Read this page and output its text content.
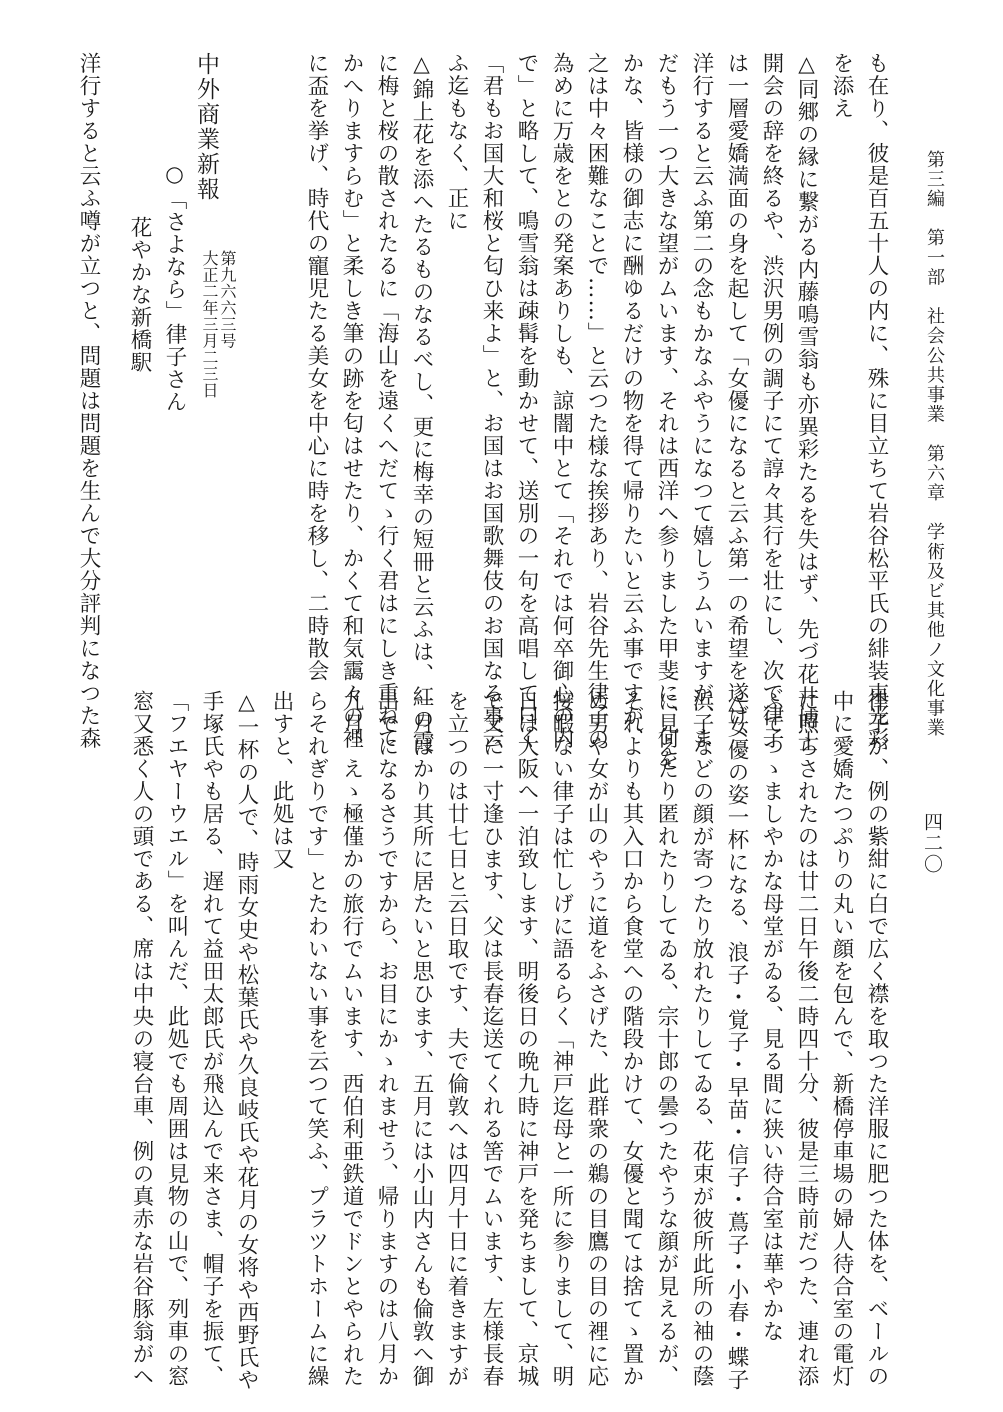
第三編　第一部　社会公共事業　第六章　学術及ビ其他ノ文化事業
四二〇
も在り、彼是百五十人の内に、殊に目立ちて岩谷松平氏の緋装束光彩
を添え
△同郷の縁に繋がる内藤鳴雪翁も亦異彩たるを失はず、先づ花井博士
開会の辞を終るや、渋沢男例の調子にて諄々其行を壮にし、次で律子
は一層愛嬌満面の身を起して「女優になると云ふ第一の希望を遂げ、
洋行すると云ふ第二の念もかなふやうになつて嬉しうムいますが、ま
だもう一つ大きな望がムいます、それは西洋へ参りました甲斐に、何を
かな、皆様の御志に酬ゆるだけの物を得て帰りたいと云ふ事ですが、
之は中々困難なことで……」と云つた様な挨拶あり、岩谷先生律子の
為めに万歳をとの発案ありしも、諒闇中とて「それでは何卒御心の内
で」と略して、鳴雪翁は疎髯を動かせて、送別の一句を高唱して曰く
「君もお国大和桜と匂ひ来よ」と、お国はお国歌舞伎のお国なる事云
ふ迄もなく、正に
△錦上花を添へたるものなるべし、更に梅幸の短冊と云ふは、紅の霞
に梅と桜の散されたるに「海山を遠くへだてゝ行く君はにしき重ねて
かへりますらむ」と柔しき筆の跡を匂はせたり、かくて和気靄々の裡
に盃を挙げ、時代の寵児たる美女を中心に時を移し、二時散会
中外商業新報
第九六六三号
大正二年三月二三日
○「さよなら」律子さん
花やかな新橋駅
洋行すると云ふ噂が立つと、問題は問題を生んで大分評判になつた森
律子が、例の紫紺に白で広く襟を取つた洋服に肥つた体を、ベールの
中に愛嬌たつぷりの丸い顔を包んで、新橋停車場の婦人待合室の電灯
に照らされたのは廿二日午後二時四十分、彼是三時前だつた、連れ添
ふてつゝましやかな母堂がゐる、見る間に狭い待合室は華やかな
△女優の姿一杯になる、浪子・覚子・早苗・信子・蔦子・小春・蝶子
浜子などの顔が寄つたり放れたりしてゐる、花束が彼所此所の袖の蔭
に見えたり匿れたりしてゐる、宗十郎の曇つたやうな顔が見えるが、
それよりも其入口から食堂への階段かけて、女優と聞ては捨てゝ置か
ぬ男や女が山のやうに道をふさげた、此群衆の鵜の目鷹の目の裡に応
接暇ない律子は忙しげに語るらく「神戸迄母と一所に参りまして、明
日は大阪へ一泊致します、明後日の晩九時に神戸を発ちまして、京城
で父に一寸逢ひます、父は長春迄送てくれる筈でムいます、左様長春
を立つのは廿七日と云日取です、夫で倫敦へは四月十日に着きますが
一月ばかり其所に居たいと思ひます、五月には小山内さんも倫敦へ御
出でになるさうですから、お目にかゝれませう、帰りますのは八月か
九月、えゝ極僅かの旅行でムいます、西伯利亜鉄道でドンとやられた
らそれぎりです」とたわいない事を云つて笑ふ、プラツトホームに繰
出すと、此処は又
△一杯の人で、時雨女史や松葉氏や久良岐氏や花月の女将や西野氏や
手塚氏やも居る、遅れて益田太郎氏が飛込んで来さま、帽子を振て、
「フエヤーウエル」を叫んだ、此処でも周囲は見物の山で、列車の窓
窓又悉く人の頭である、席は中央の寝台車、例の真赤な岩谷豚翁がヘ
